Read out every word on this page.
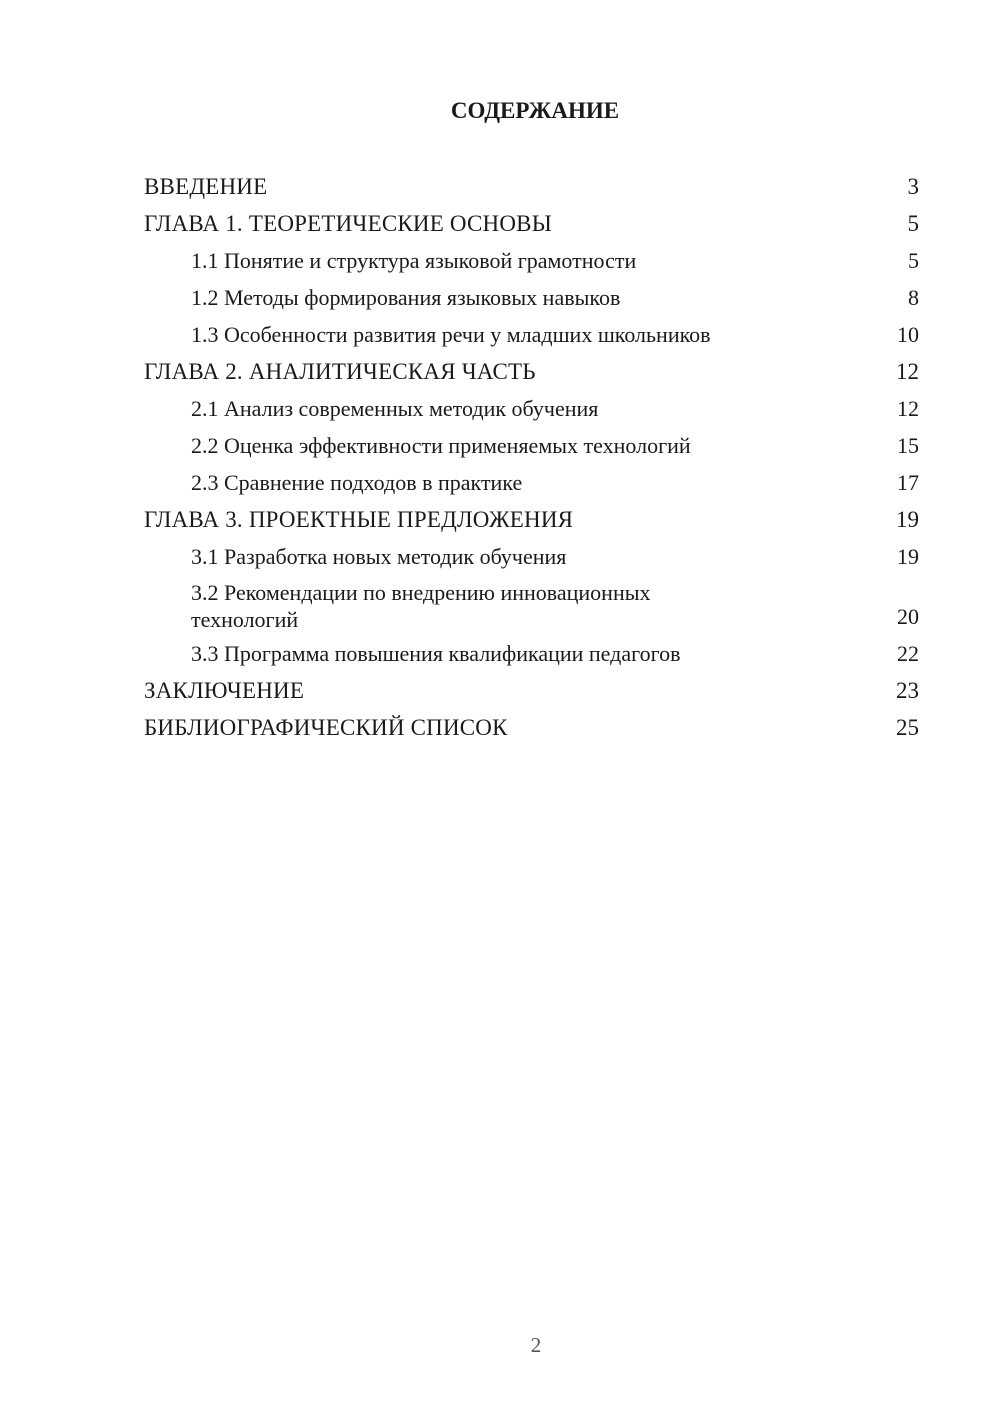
СОДЕРЖАНИЕ
ВВЕДЕНИЕ	3
ГЛАВА 1. ТЕОРЕТИЧЕСКИЕ ОСНОВЫ	5
1.1 Понятие и структура языковой грамотности	5
1.2 Методы формирования языковых навыков	8
1.3 Особенности развития речи у младших школьников	10
ГЛАВА 2. АНАЛИТИЧЕСКАЯ ЧАСТЬ	12
2.1 Анализ современных методик обучения	12
2.2 Оценка эффективности применяемых технологий	15
2.3 Сравнение подходов в практике	17
ГЛАВА 3. ПРОЕКТНЫЕ ПРЕДЛОЖЕНИЯ	19
3.1 Разработка новых методик обучения	19
3.2 Рекомендации по внедрению инновационных технологий	20
3.3 Программа повышения квалификации педагогов	22
ЗАКЛЮЧЕНИЕ	23
БИБЛИОГРАФИЧЕСКИЙ СПИСОК	25
2
